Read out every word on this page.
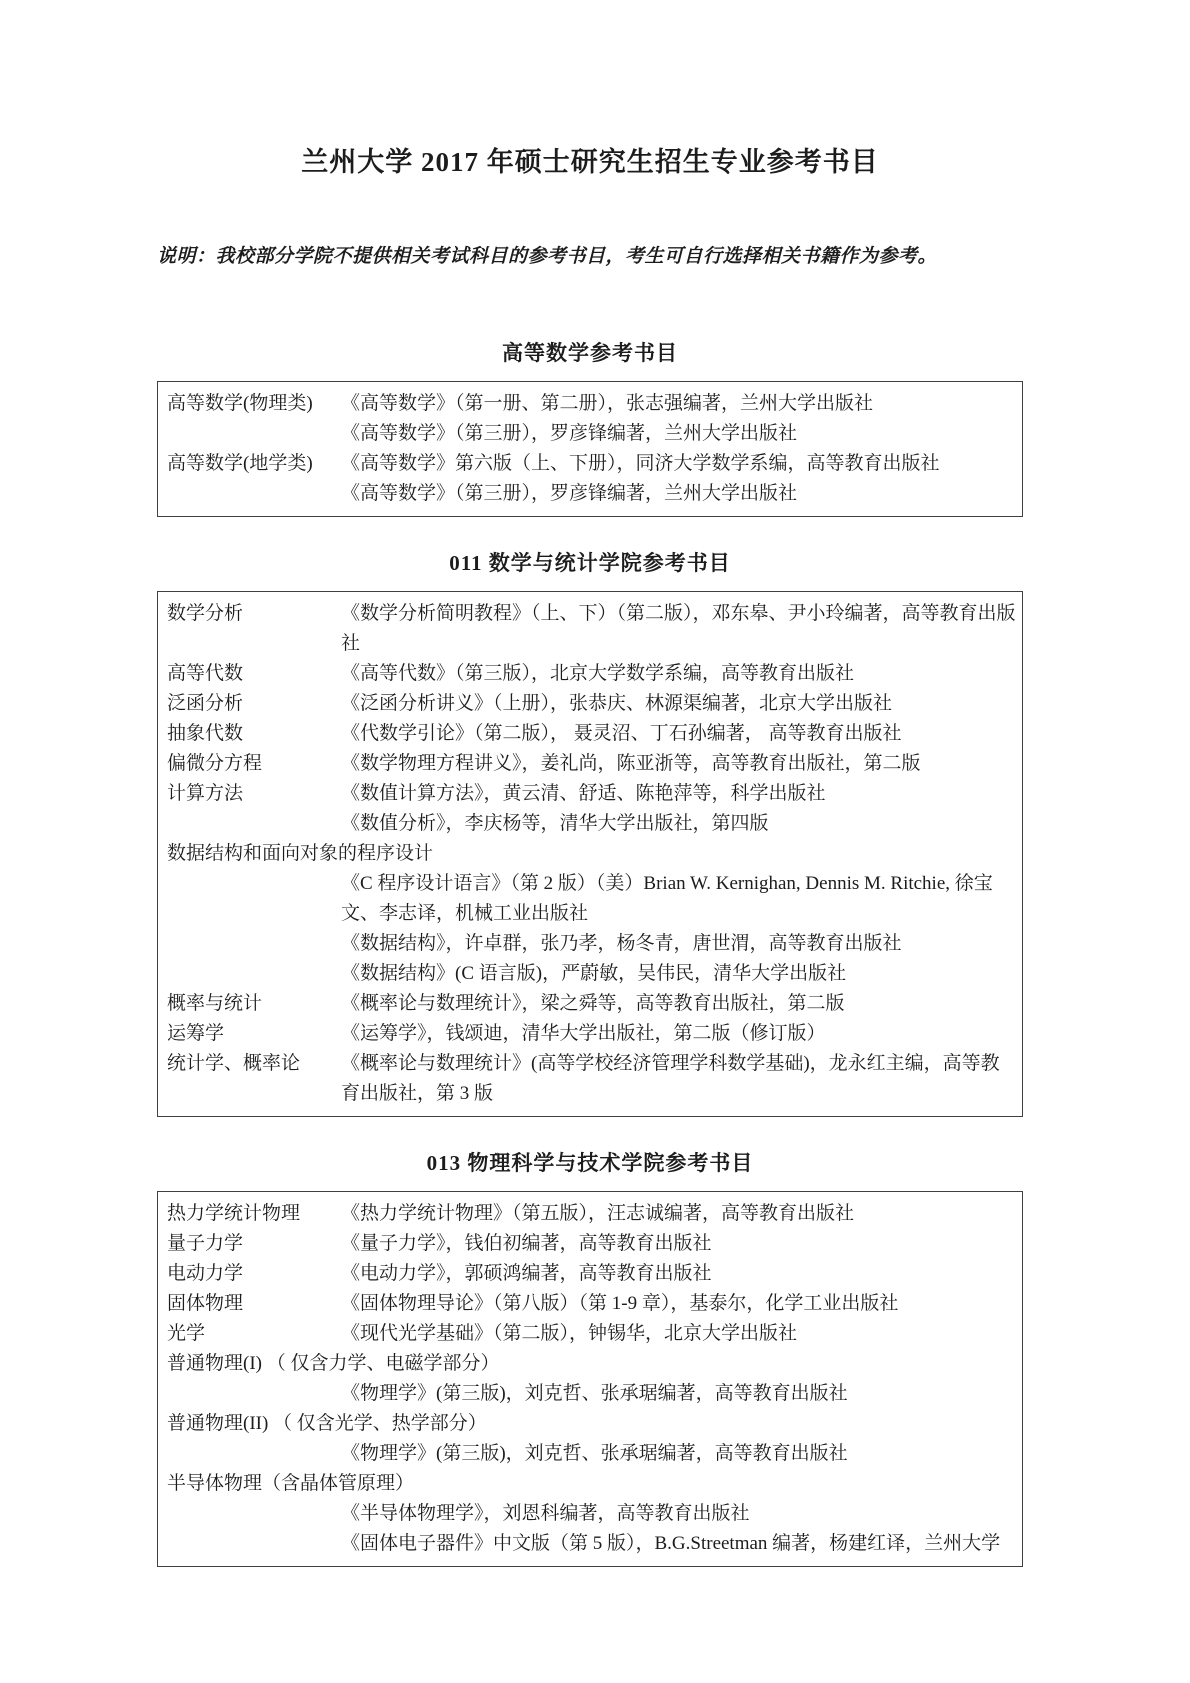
兰州大学 2017 年硕士研究生招生专业参考书目

说明：我校部分学院不提供相关考试科目的参考书目，考生可自行选择相关书籍作为参考。

高等数学参考书目
高等数学(物理类)	《高等数学》（第一册、第二册），张志强编著，兰州大学出版社
《高等数学》（第三册），罗彦锋编著，兰州大学出版社
高等数学(地学类)	《高等数学》第六版（上、下册），同济大学数学系编，高等教育出版社
《高等数学》（第三册），罗彦锋编著，兰州大学出版社
011 数学与统计学院参考书目
数学分析	《数学分析简明教程》（上、下）（第二版），邓东皋、尹小玲编著，高等教育出版社
高等代数	《高等代数》（第三版），北京大学数学系编，高等教育出版社
泛函分析	《泛函分析讲义》（上册），张恭庆、林源渠编著，北京大学出版社
抽象代数	《代数学引论》（第二版）， 聂灵沼、丁石孙编著， 高等教育出版社
偏微分方程	《数学物理方程讲义》，姜礼尚，陈亚浙等，高等教育出版社，第二版
计算方法	《数值计算方法》，黄云清、舒适、陈艳萍等，科学出版社
《数值分析》，李庆杨等，清华大学出版社，第四版
数据结构和面向对象的程序设计
《C 程序设计语言》（第 2 版）（美）Brian W. Kernighan, Dennis M. Ritchie, 徐宝文、李志译，机械工业出版社
《数据结构》，许卓群，张乃孝，杨冬青，唐世渭，高等教育出版社
《数据结构》(C 语言版)，严蔚敏，吴伟民，清华大学出版社
概率与统计	《概率论与数理统计》，梁之舜等，高等教育出版社，第二版
运筹学	《运筹学》，钱颂迪，清华大学出版社，第二版（修订版）
统计学、概率论	《概率论与数理统计》(高等学校经济管理学科数学基础)，龙永红主编，高等教育出版社，第 3 版
013 物理科学与技术学院参考书目
热力学统计物理	《热力学统计物理》（第五版），汪志诚编著，高等教育出版社
量子力学	《量子力学》，钱伯初编著，高等教育出版社
电动力学	《电动力学》，郭硕鸿编著，高等教育出版社
固体物理	《固体物理导论》（第八版）（第 1-9 章），基泰尔，化学工业出版社
光学	《现代光学基础》（第二版），钟锡华，北京大学出版社
普通物理(I) （ 仅含力学、电磁学部分）
《物理学》(第三版)，刘克哲、张承琚编著，高等教育出版社
普通物理(II) （ 仅含光学、热学部分）
《物理学》(第三版)，刘克哲、张承琚编著，高等教育出版社
半导体物理（含晶体管原理）
《半导体物理学》，刘恩科编著，高等教育出版社
《固体电子器件》中文版（第 5 版），B.G.Streetman 编著，杨建红译，兰州大学
